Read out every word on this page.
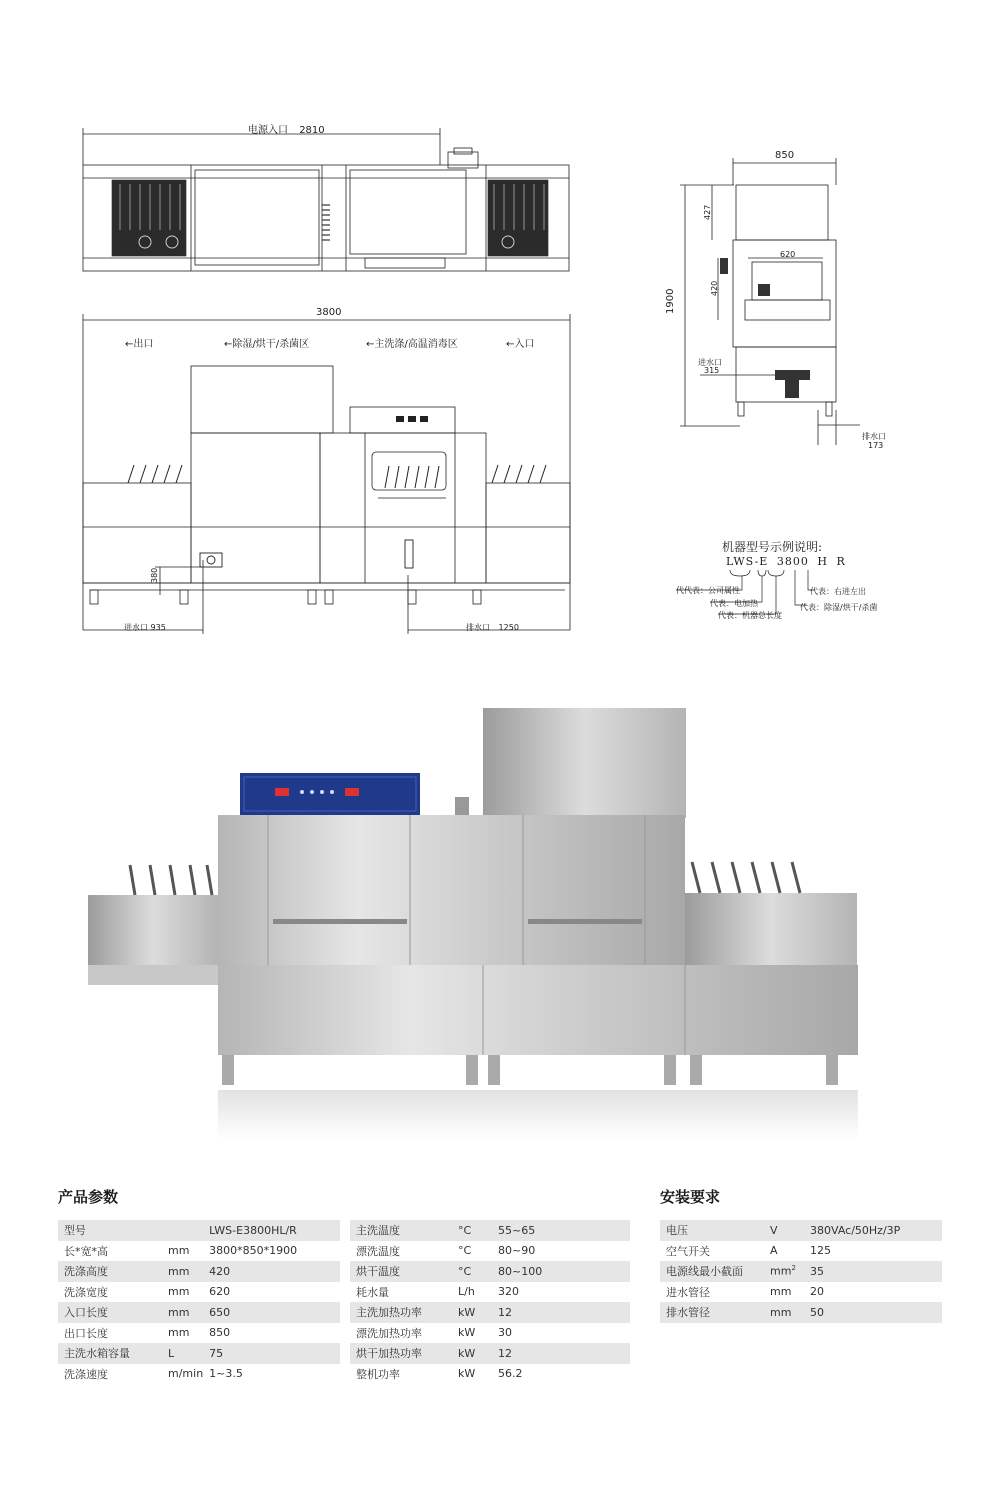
电源入口 2810
3800
←出口	←除湿/烘干/杀菌区	←主洗涤/高温消毒区	←入口
380
进水口 935	排水口 1250
850
1900
427
620
420
进水口
315
排水口
173
机器型号示例说明:
LWS-E 3800 H R
代代表：公司属性
代表：电加热
代表：机器总长度
代表：右进左出
代表：除湿/烘干/杀菌
产品参数
型号		LWS-E3800HL/R
长*宽*高	mm	3800*850*1900
洗涤高度	mm	420
洗涤宽度	mm	620
入口长度	mm	650
出口长度	mm	850
主洗水箱容量	L	75
洗涤速度	m/min	1~3.5
主洗温度	°C	55~65
漂洗温度	°C	80~90
烘干温度	°C	80~100
耗水量	L/h	320
主洗加热功率	kW	12
漂洗加热功率	kW	30
烘干加热功率	kW	12
整机功率	kW	56.2
安装要求
电压	V	380VAc/50Hz/3P
空气开关	A	125
电源线最小截面	$mm^2$	35
进水管径	mm	20
排水管径	mm	50
